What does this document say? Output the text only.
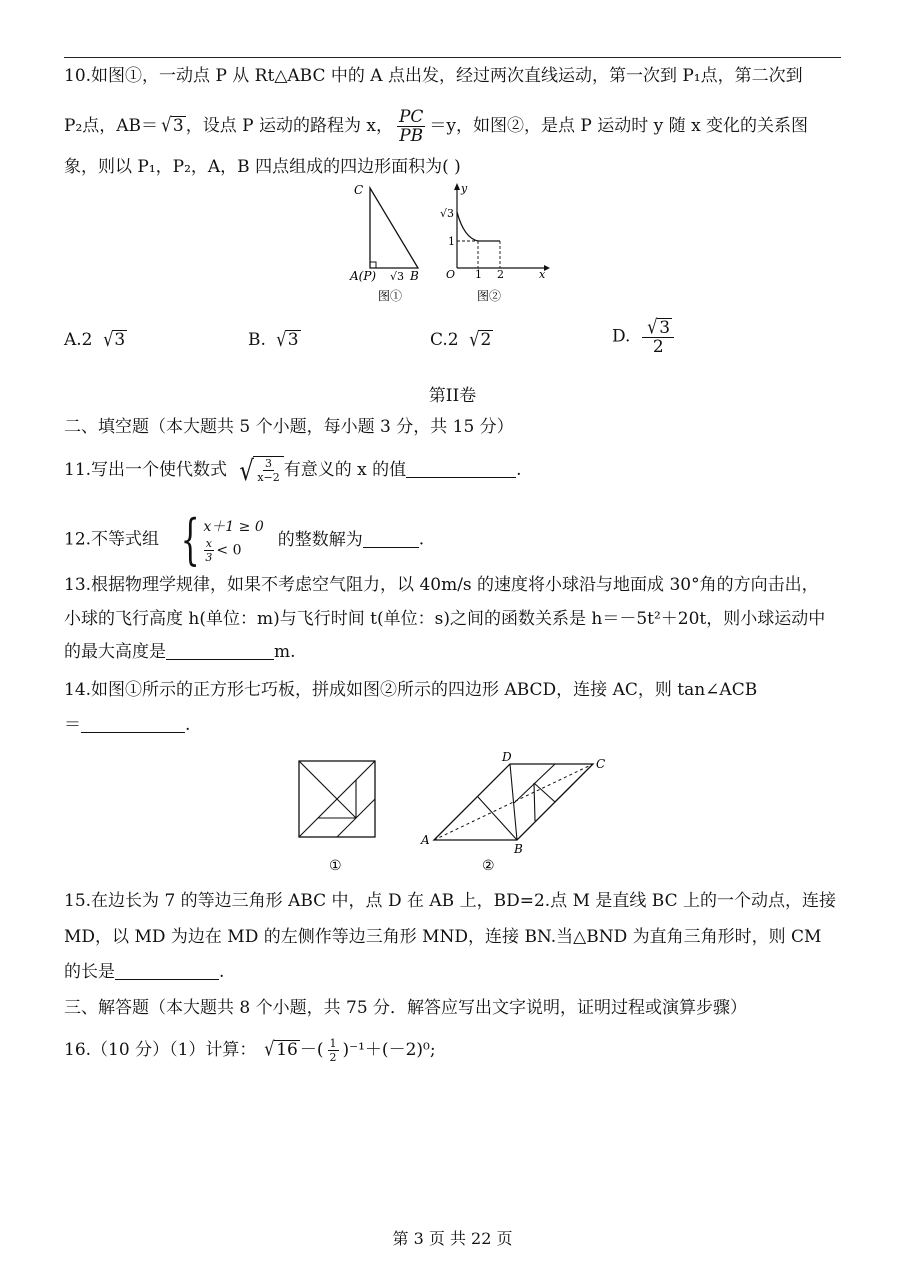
10.如图①，一动点 P 从 Rt△ABC 中的 A 点出发，经过两次直线运动，第一次到 P₁点，第二次到
P₂点，AB＝ √3 ，设点 P 运动的路程为 x， $\frac{PC}{PB} =y$，如图②，是点 P 运动时 y 随 x 变化的关系图
象，则以 P₁，P₂，A，B 四点组成的四边形面积为( )
C
A(P) √3 B
图①
y
√3
1
O 1 2	x
图②
A.2 √3	B. √3	C.2 √2	D. $\frac{√3}{2}$
第II卷
二、填空题（本大题共 5 个小题，每小题 3 分，共 15 分）
11.写出一个使代数式 √ $\frac{3}{x-2}$ 有意义的 x 的值	.
12.不等式组 { x＋1 ≥ 0
$\frac{x}{3} < 0$
的整数解为	.
13.根据物理学规律，如果不考虑空气阻力，以 40m/s 的速度将小球沿与地面成 30°角的方向击出，
小球的飞行高度 h(单位：m)与飞行时间 t(单位：s)之间的函数关系是 h＝－5t²＋20t，则小球运动中
的最大高度是	m.
14.如图①所示的正方形七巧板，拼成如图②所示的四边形 ABCD，连接 AC，则 tan∠ACB
＝	.
①
D	C
A
B
②
15.在边长为 7 的等边三角形 ABC 中，点 D 在 AB 上，BD=2.点 M 是直线 BC 上的一个动点，连接
MD，以 MD 为边在 MD 的左侧作等边三角形 MND，连接 BN.当△BND 为直角三角形时，则 CM
的长是	.
三、解答题（本大题共 8 个小题，共 75 分．解答应写出文字说明，证明过程或演算步骤）
16.（10 分）（1）计算： √16 －( $\frac{1}{2} )^{-1}+(-2)^0$;
第 3 页 共 22 页
